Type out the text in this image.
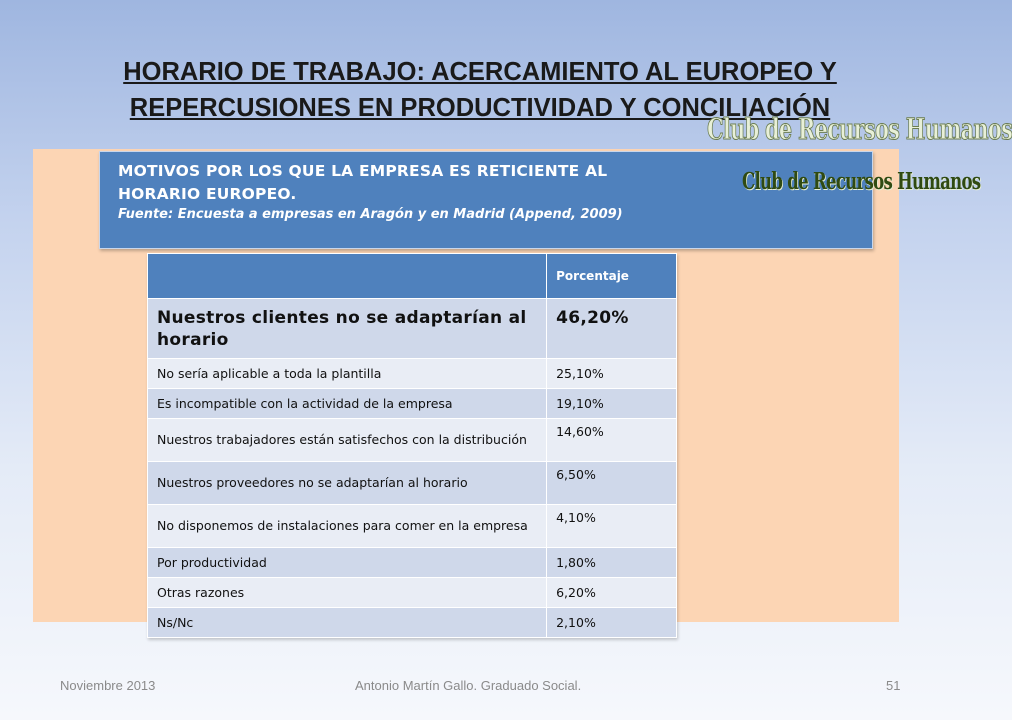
HORARIO DE TRABAJO: ACERCAMIENTO AL EUROPEO Y
REPERCUSIONES EN PRODUCTIVIDAD Y CONCILIACIÓN
MOTIVOS POR LOS QUE LA EMPRESA ES RETICIENTE AL
HORARIO EUROPEO.
Fuente: Encuesta a empresas en Aragón y en Madrid (Append, 2009)
Club de Recursos Humanos
Club de Recursos Humanos
	Porcentaje
Nuestros clientes no se adaptarían al horario	46,20%
No sería aplicable a toda la plantilla	25,10%
Es incompatible con la actividad de la empresa	19,10%
Nuestros trabajadores están satisfechos con la distribución	14,60%
Nuestros proveedores no se adaptarían al horario	6,50%
No disponemos de instalaciones para comer en la empresa	4,10%
Por productividad	1,80%
Otras razones	6,20%
Ns/Nc	2,10%
Noviembre 2013	Antonio Martín Gallo. Graduado Social.	51
